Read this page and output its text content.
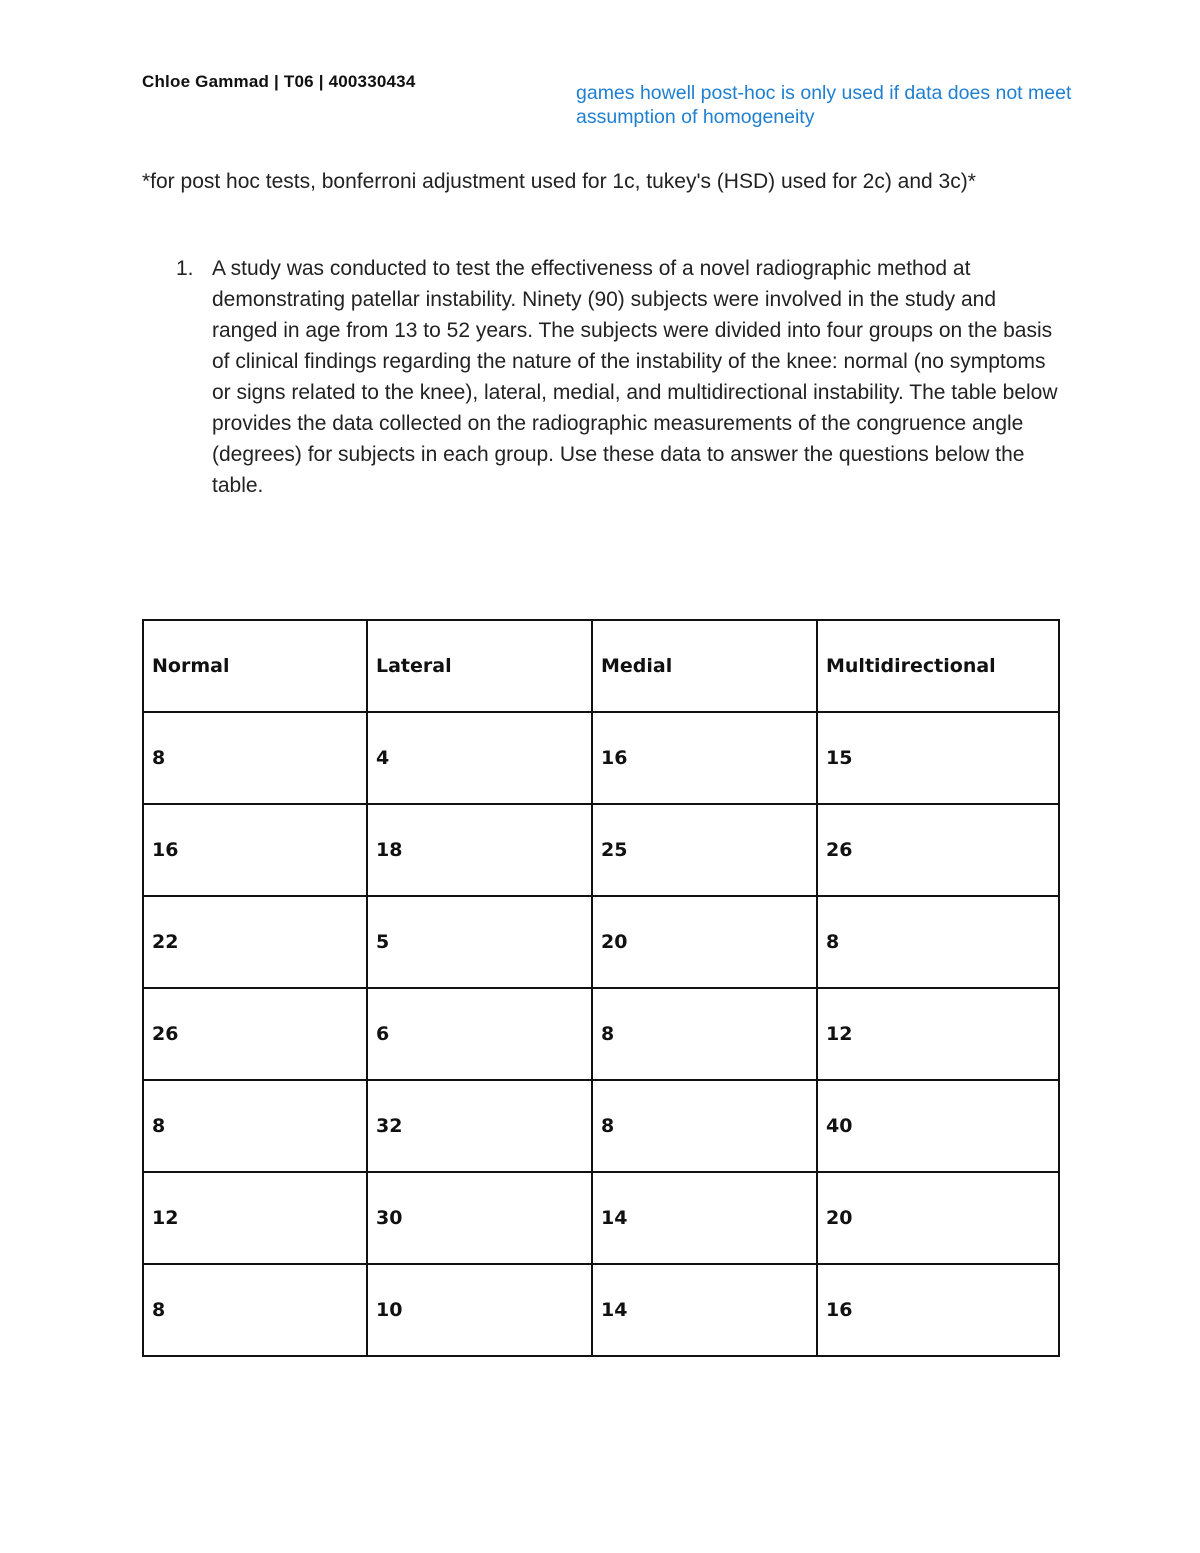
Chloe Gammad | T06 | 400330434
games howell post-hoc is only used if data does not meet assumption of homogeneity
*for post hoc tests, bonferroni adjustment used for 1c, tukey's (HSD) used for 2c) and 3c)*
1. A study was conducted to test the effectiveness of a novel radiographic method at demonstrating patellar instability. Ninety (90) subjects were involved in the study and ranged in age from 13 to 52 years. The subjects were divided into four groups on the basis of clinical findings regarding the nature of the instability of the knee: normal (no symptoms or signs related to the knee), lateral, medial, and multidirectional instability. The table below provides the data collected on the radiographic measurements of the congruence angle (degrees) for subjects in each group. Use these data to answer the questions below the table.
Normal	Lateral	Medial	Multidirectional
8	4	16	15
16	18	25	26
22	5	20	8
26	6	8	12
8	32	8	40
12	30	14	20
8	10	14	16
